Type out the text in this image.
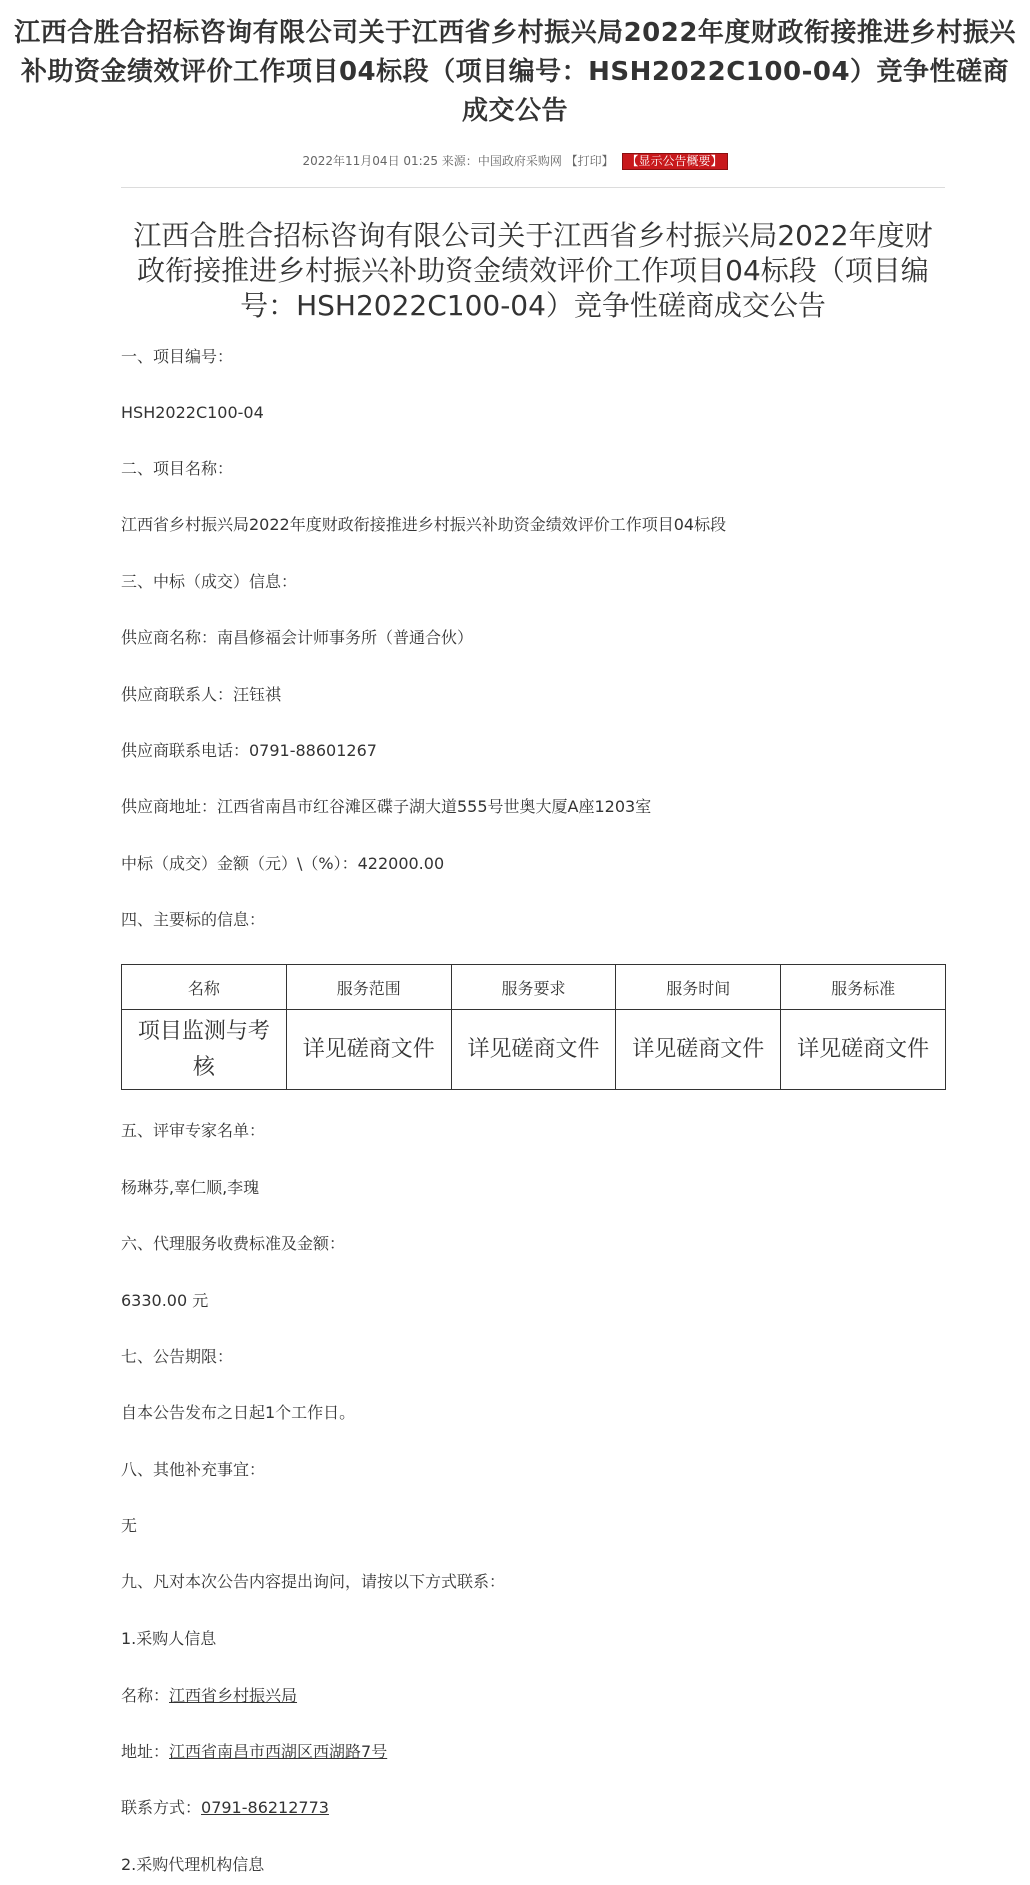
江西合胜合招标咨询有限公司关于江西省乡村振兴局2022年度财政衔接推进乡村振兴补助资金绩效评价工作项目04标段（项目编号：HSH2022C100-04）竞争性磋商成交公告
2022年11月04日 01:25 来源：中国政府采购网 【打印】 【显示公告概要】
江西合胜合招标咨询有限公司关于江西省乡村振兴局2022年度财政衔接推进乡村振兴补助资金绩效评价工作项目04标段（项目编号：HSH2022C100-04）竞争性磋商成交公告
一、项目编号：
HSH2022C100-04
二、项目名称：
江西省乡村振兴局2022年度财政衔接推进乡村振兴补助资金绩效评价工作项目04标段
三、中标（成交）信息：
供应商名称：南昌修福会计师事务所（普通合伙）
供应商联系人：汪钰祺
供应商联系电话：0791-88601267
供应商地址：江西省南昌市红谷滩区碟子湖大道555号世奥大厦A座1203室
中标（成交）金额（元）\（%）：422000.00
四、主要标的信息：
名称	服务范围	服务要求	服务时间	服务标准
项目监测与考核	详见磋商文件	详见磋商文件	详见磋商文件	详见磋商文件
五、评审专家名单：
杨琳芬,辜仁顺,李瑰
六、代理服务收费标准及金额：
6330.00 元
七、公告期限：
自本公告发布之日起1个工作日。
八、其他补充事宜：
无
九、凡对本次公告内容提出询问，请按以下方式联系：
1.采购人信息
名称：江西省乡村振兴局
地址：江西省南昌市西湖区西湖路7号
联系方式：0791-86212773
2.采购代理机构信息
